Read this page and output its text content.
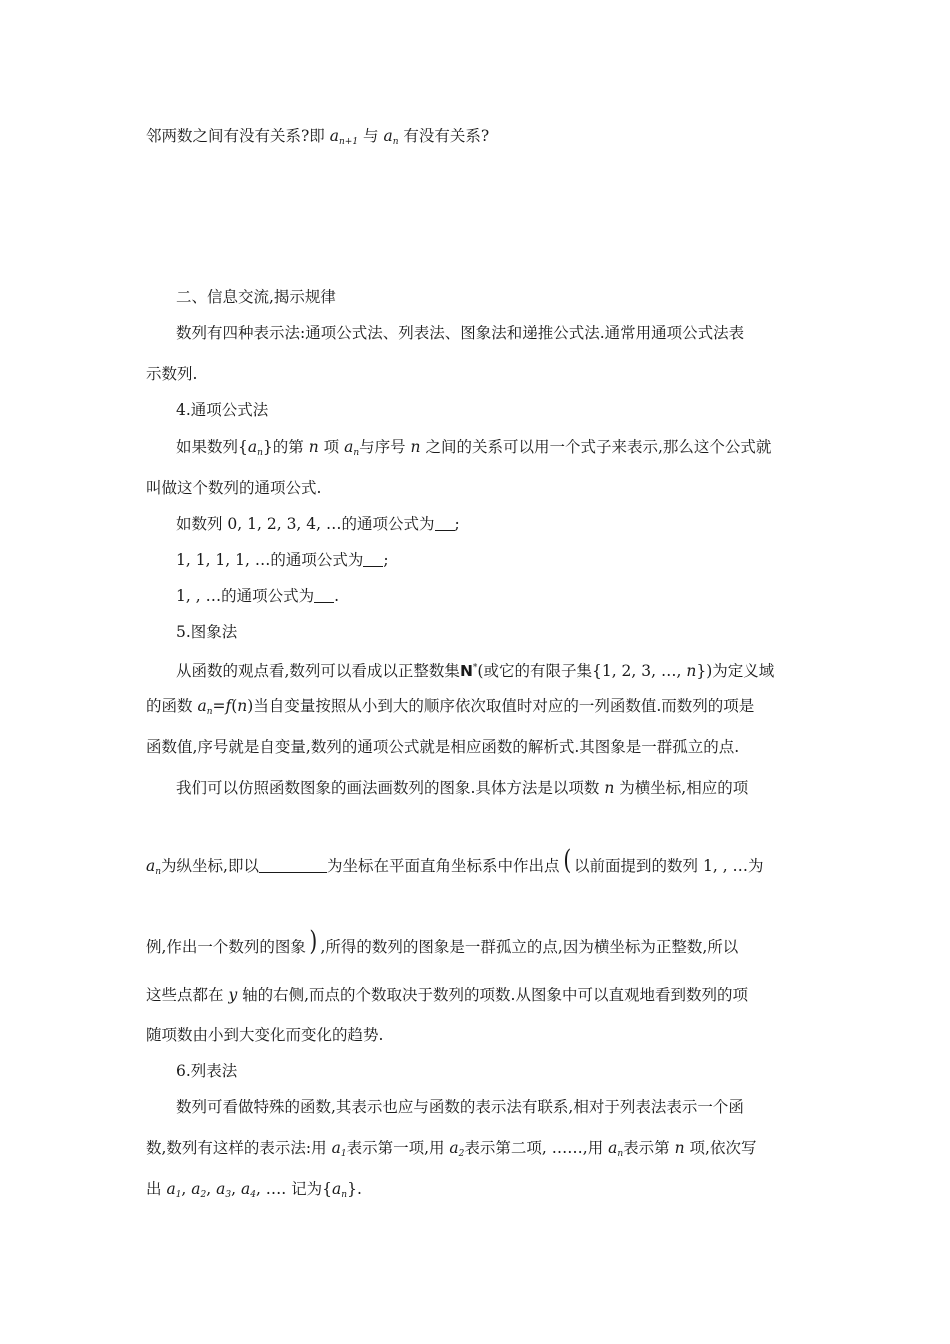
邻两数之间有没有关系?即 $a_{n+1}$ 与 $a_n$ 有没有关系?
二、信息交流,揭示规律
数列有四种表示法:通项公式法、列表法、图象法和递推公式法.通常用通项公式法表
示数列.
4.通项公式法
如果数列$\{a_n\}$的第 n 项 $a_n$与序号 n 之间的关系可以用一个式子来表示,那么这个公式就
叫做这个数列的通项公式.
如数列 0, 1, 2, 3, 4, …的通项公式为 ;
1, 1, 1, 1, …的通项公式为 ;
1, , …的通项公式为 .
5.图象法
从函数的观点看,数列可以看成以正整数集N*(或它的有限子集{1, 2, 3, …, n})为定义域
的函数 $a_n=f(n)$当自变量按照从小到大的顺序依次取值时对应的一列函数值.而数列的项是
函数值,序号就是自变量,数列的通项公式就是相应函数的解析式.其图象是一群孤立的点.
我们可以仿照函数图象的画法画数列的图象.具体方法是以项数 n 为横坐标,相应的项
$a_n$为纵坐标,即以	为坐标在平面直角坐标系中作出点 ( 以前面提到的数列 1, , …为
例,作出一个数列的图象 ) ,所得的数列的图象是一群孤立的点,因为横坐标为正整数,所以
这些点都在 y 轴的右侧,而点的个数取决于数列的项数.从图象中可以直观地看到数列的项
随项数由小到大变化而变化的趋势.
6.列表法
数列可看做特殊的函数,其表示也应与函数的表示法有联系,相对于列表法表示一个函
数,数列有这样的表示法:用 $a_1$表示第一项,用 $a_2$表示第二项, ……,用 $a_n$表示第 n 项,依次写
出 $a_1$, $a_2$, $a_3$, $a_4$, …. 记为$\{a_n\}$.
